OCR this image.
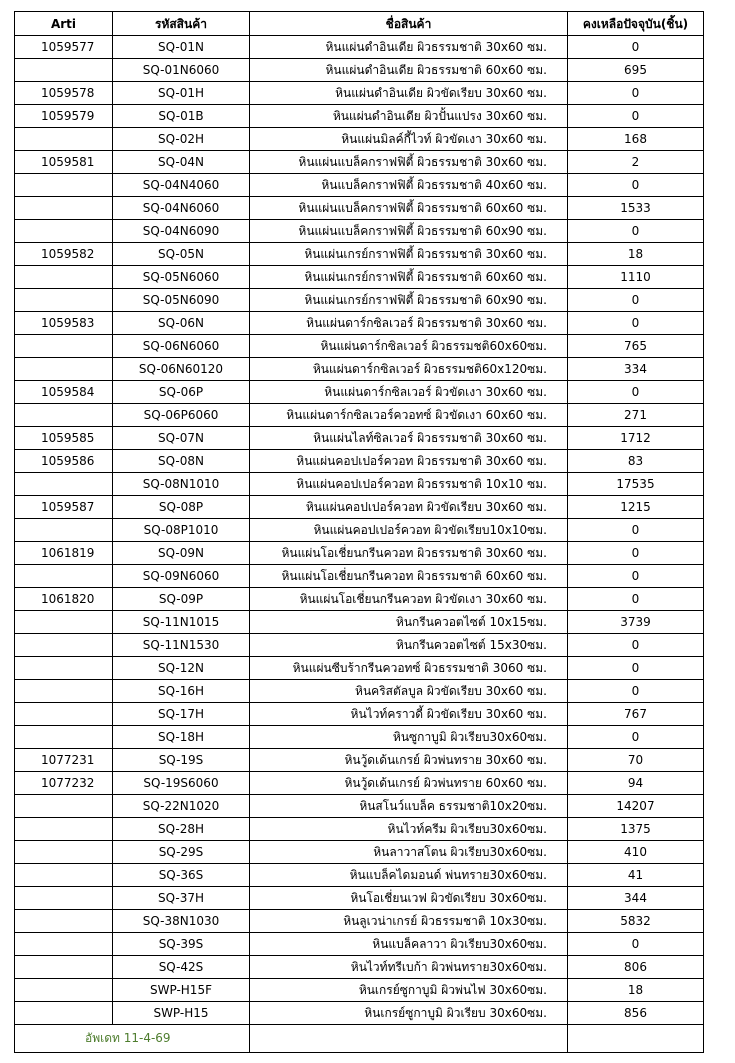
Arti	รหัสสินค้า	ชื่อสินค้า	คงเหลือปัจจุบัน(ชิ้น)
1059577	SQ-01N	หินแผ่นดำอินเดีย ผิวธรรมชาติ 30x60 ซม.	0
	SQ-01N6060	หินแผ่นดำอินเดีย ผิวธรรมชาติ 60x60 ซม.	695
1059578	SQ-01H	หินแผ่นดำอินเดีย ผิวขัดเรียบ 30x60 ซม.	0
1059579	SQ-01B	หินแผ่นดำอินเดีย ผิวปั้นแปรง 30x60 ซม.	0
	SQ-02H	หินแผ่นมิลค์กี้ไวท์ ผิวขัดเงา 30x60 ซม.	168
1059581	SQ-04N	หินแผ่นแบล็คกราฟฟิตี้ ผิวธรรมชาติ 30x60 ซม.	2
	SQ-04N4060	หินแบล็คกราฟฟิตี้ ผิวธรรมชาติ 40x60 ซม.	0
	SQ-04N6060	หินแผ่นแบล็คกราฟฟิตี้ ผิวธรรมชาติ 60x60 ซม.	1533
	SQ-04N6090	หินแผ่นแบล็คกราฟฟิตี้ ผิวธรรมชาติ 60x90 ซม.	0
1059582	SQ-05N	หินแผ่นเกรย์กราฟฟิตี้ ผิวธรรมชาติ 30x60 ซม.	18
	SQ-05N6060	หินแผ่นเกรย์กราฟฟิตี้ ผิวธรรมชาติ 60x60 ซม.	1110
	SQ-05N6090	หินแผ่นเกรย์กราฟฟิตี้ ผิวธรรมชาติ 60x90 ซม.	0
1059583	SQ-06N	หินแผ่นดาร์กซิลเวอร์ ผิวธรรมชาติ 30x60 ซม.	0
	SQ-06N6060	หินแผ่นดาร์กซิลเวอร์ ผิวธรรมชติ60x60ซม.	765
	SQ-06N60120	หินแผ่นดาร์กซิลเวอร์ ผิวธรรมชติ60x120ซม.	334
1059584	SQ-06P	หินแผ่นดาร์กซิลเวอร์ ผิวขัดเงา 30x60 ซม.	0
	SQ-06P6060	หินแผ่นดาร์กซิลเวอร์ควอทซ์ ผิวขัดเงา 60x60 ซม.	271
1059585	SQ-07N	หินแผ่นไลท์ซิลเวอร์ ผิวธรรมชาติ 30x60 ซม.	1712
1059586	SQ-08N	หินแผ่นคอปเปอร์ควอท ผิวธรรมชาติ 30x60 ซม.	83
	SQ-08N1010	หินแผ่นคอปเปอร์ควอท ผิวธรรมชาติ 10x10 ซม.	17535
1059587	SQ-08P	หินแผ่นคอปเปอร์ควอท ผิวขัดเรียบ 30x60 ซม.	1215
	SQ-08P1010	หินแผ่นคอปเปอร์ควอท ผิวขัดเรียบ10x10ซม.	0
1061819	SQ-09N	หินแผ่นโอเชี่ยนกรีนควอท ผิวธรรมชาติ 30x60 ซม.	0
	SQ-09N6060	หินแผ่นโอเชี่ยนกรีนควอท ผิวธรรมชาติ 60x60 ซม.	0
1061820	SQ-09P	หินแผ่นโอเชี่ยนกรีนควอท ผิวขัดเงา 30x60 ซม.	0
	SQ-11N1015	หินกรีนควอตไซต์ 10x15ซม.	3739
	SQ-11N1530	หินกรีนควอตไซต์ 15x30ซม.	0
	SQ-12N	หินแผ่นซีบร้ากรีนควอทซ์ ผิวธรรมชาติ 3060 ซม.	0
	SQ-16H	หินคริสตัลบูล ผิวขัดเรียบ 30x60 ซม.	0
	SQ-17H	หินไวท์คราวดี้ ผิวขัดเรียบ 30x60 ซม.	767
	SQ-18H	หินซูกาบูมิ ผิวเรียบ30x60ซม.	0
1077231	SQ-19S	หินวู้ดเด้นเกรย์ ผิวพ่นทราย 30x60 ซม.	70
1077232	SQ-19S6060	หินวู้ดเด้นเกรย์ ผิวพ่นทราย 60x60 ซม.	94
	SQ-22N1020	หินสโนว์แบล็ค ธรรมชาติ10x20ซม.	14207
	SQ-28H	หินไวท์ครีม ผิวเรียบ30x60ซม.	1375
	SQ-29S	หินลาวาสโตน ผิวเรียบ30x60ซม.	410
	SQ-36S	หินแบล็คไดมอนด์ พ่นทราย30x60ซม.	41
	SQ-37H	หินโอเชี่ยนเวฟ ผิวขัดเรียบ 30x60ซม.	344
	SQ-38N1030	หินลูเวน่าเกรย์ ผิวธรรมชาติ 10x30ซม.	5832
	SQ-39S	หินแบล็คลาวา ผิวเรียบ30x60ซม.	0
	SQ-42S	หินไวท์ทรีเบก้า ผิวพ่นทราย30x60ซม.	806
	SWP-H15F	หินเกรย์ซูกาบูมิ ผิวพ่นไฟ 30x60ซม.	18
	SWP-H15	หินเกรย์ซูกาบูมิ ผิวเรียบ 30x60ซม.	856
อัพเดท 11-4-69			
